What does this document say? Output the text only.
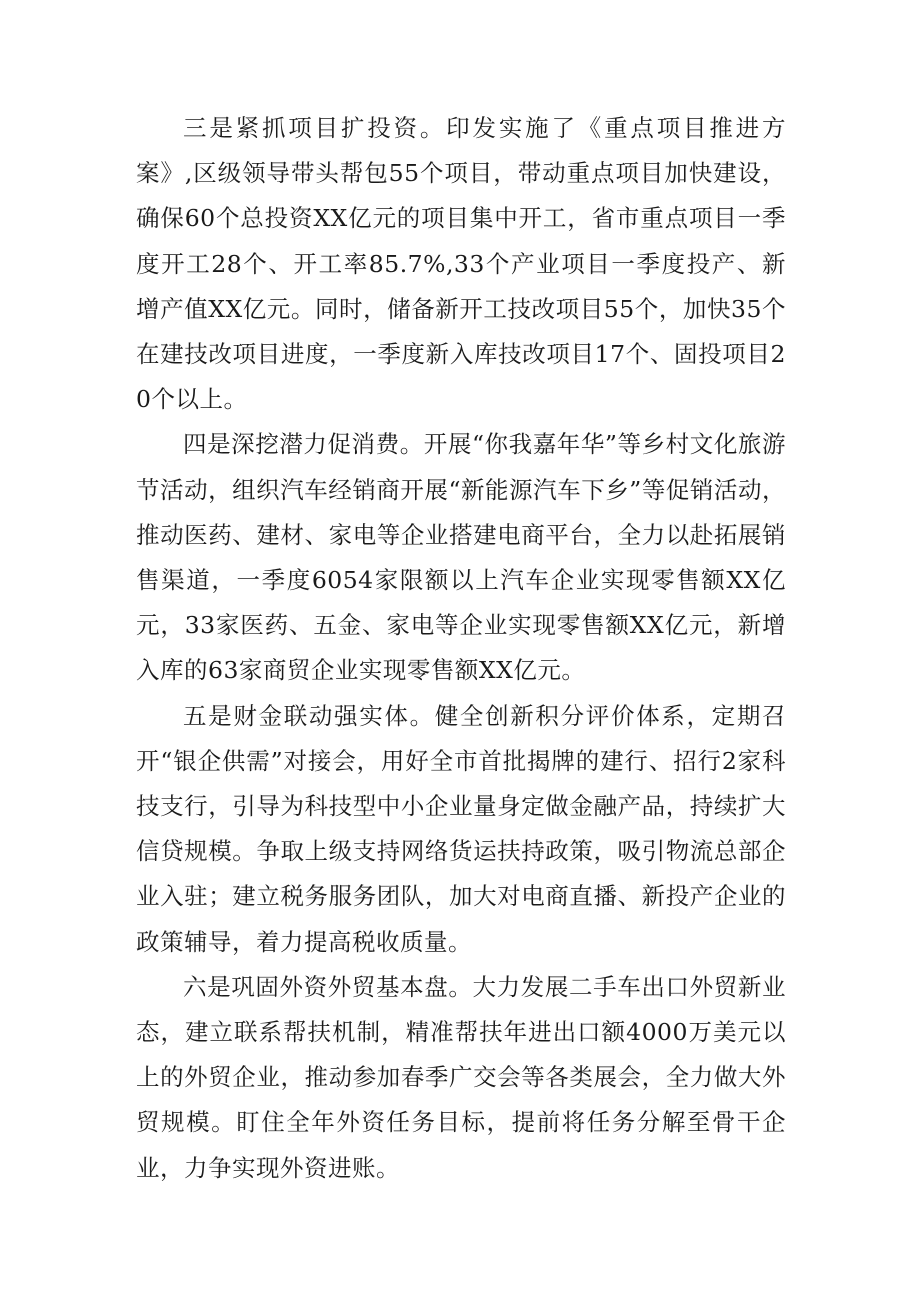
三是紧抓项目扩投资。印发实施了《重点项目推进方案》,区级领导带头帮包55个项目，带动重点项目加快建设，确保60个总投资XX亿元的项目集中开工，省市重点项目一季度开工28个、开工率85.7%,33个产业项目一季度投产、新增产值XX亿元。同时，储备新开工技改项目55个，加快35个在建技改项目进度，一季度新入库技改项目17个、固投项目20个以上。

四是深挖潜力促消费。开展“你我嘉年华”等乡村文化旅游节活动，组织汽车经销商开展“新能源汽车下乡”等促销活动，推动医药、建材、家电等企业搭建电商平台，全力以赴拓展销售渠道，一季度6054家限额以上汽车企业实现零售额XX亿元，33家医药、五金、家电等企业实现零售额XX亿元，新增入库的63家商贸企业实现零售额XX亿元。

五是财金联动强实体。健全创新积分评价体系，定期召开“银企供需”对接会，用好全市首批揭牌的建行、招行2家科技支行，引导为科技型中小企业量身定做金融产品，持续扩大信贷规模。争取上级支持网络货运扶持政策，吸引物流总部企业入驻；建立税务服务团队，加大对电商直播、新投产企业的政策辅导，着力提高税收质量。

六是巩固外资外贸基本盘。大力发展二手车出口外贸新业态，建立联系帮扶机制，精准帮扶年进出口额4000万美元以上的外贸企业，推动参加春季广交会等各类展会，全力做大外贸规模。盯住全年外资任务目标，提前将任务分解至骨干企业，力争实现外资进账。
